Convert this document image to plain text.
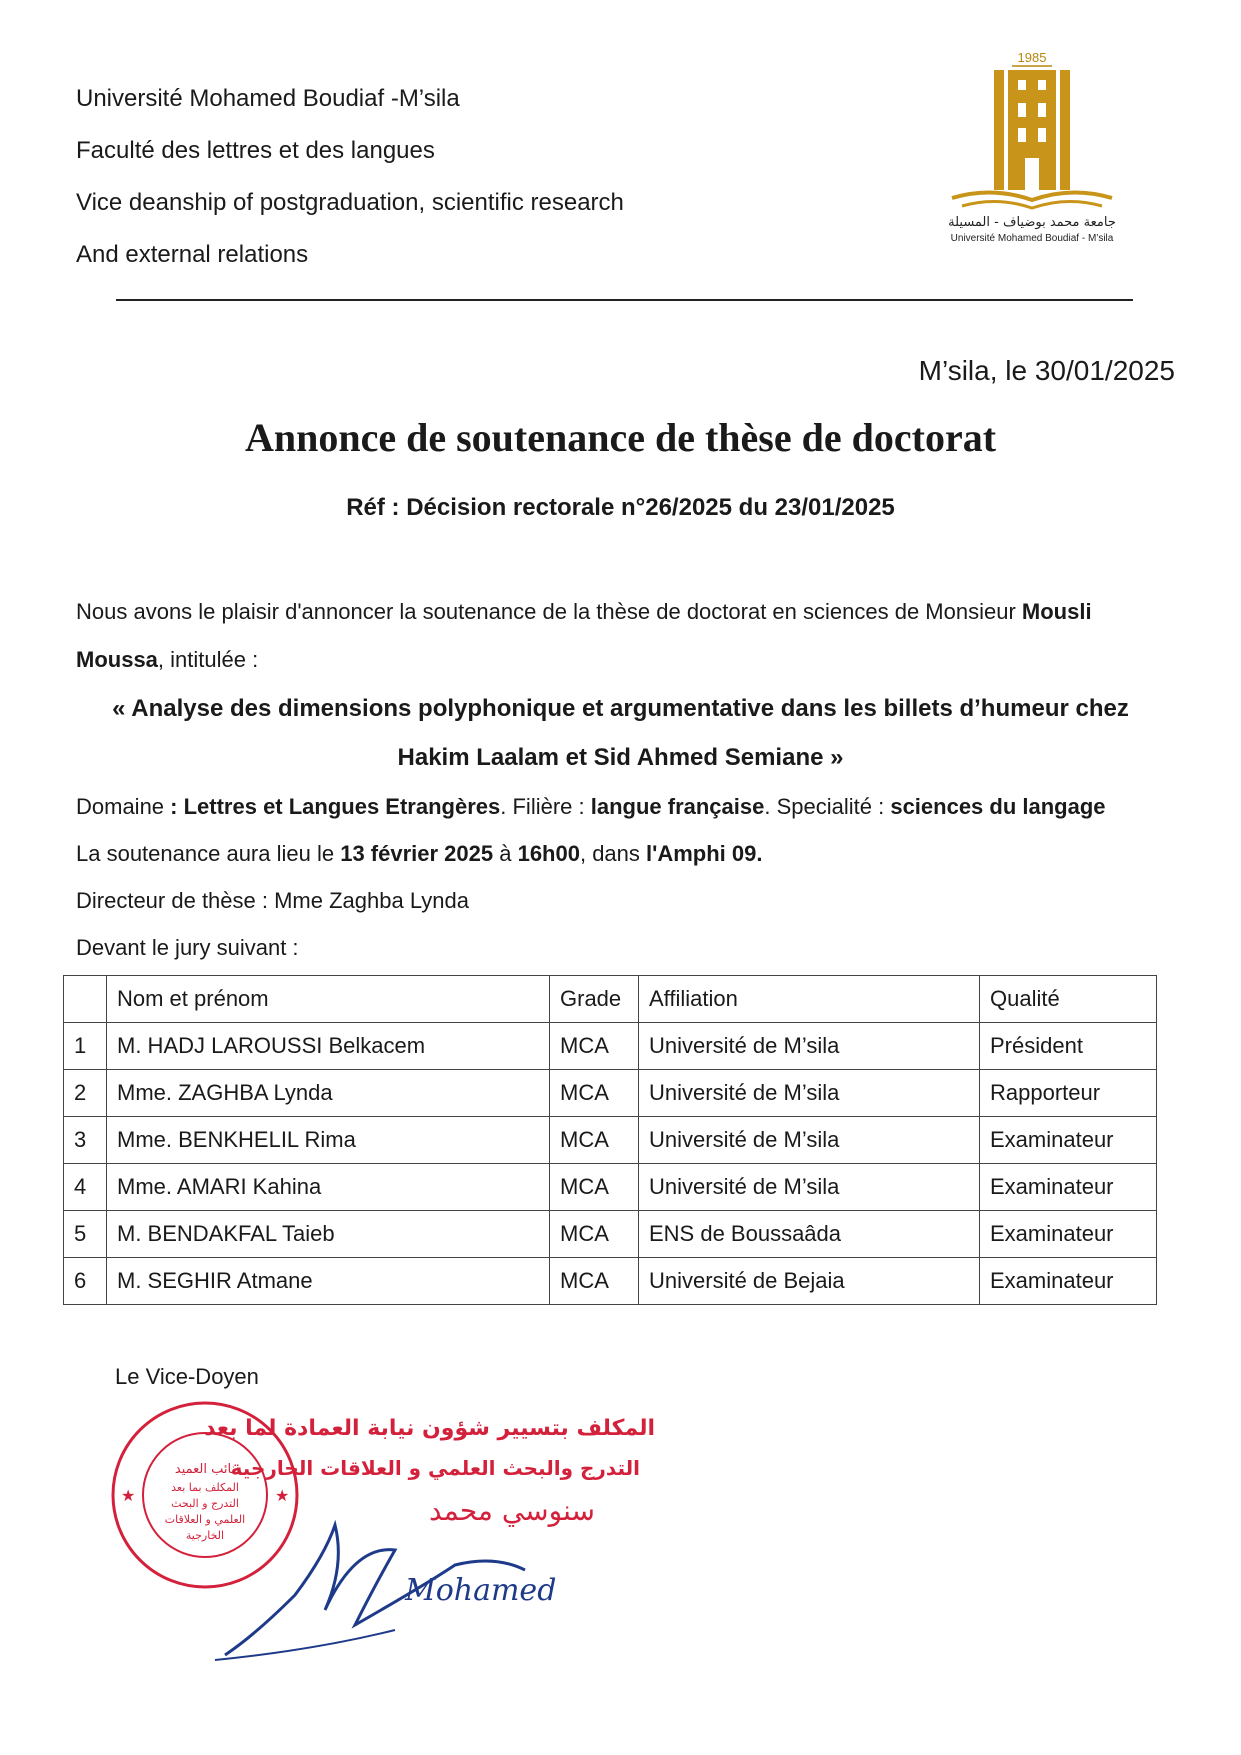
Université Mohamed Boudiaf -M’sila
Faculté des lettres et des langues
Vice deanship of postgraduation, scientific research
And external relations
1985
جامعة محمد بوضياف - المسيلة
Université Mohamed Boudiaf - M’sila
M’sila, le 30/01/2025
Annonce de soutenance de thèse de doctorat
Réf : Décision rectorale n°26/2025 du 23/01/2025
Nous avons le plaisir d'annoncer la soutenance de la thèse de doctorat en sciences de Monsieur Mousli
Moussa, intitulée :
« Analyse des dimensions polyphonique et argumentative dans les billets d’humeur chez
Hakim Laalam et Sid Ahmed Semiane »
Domaine : Lettres et Langues Etrangères. Filière : langue française. Specialité : sciences du langage
La soutenance aura lieu le 13 février 2025 à 16h00, dans l'Amphi 09.
Directeur de thèse : Mme Zaghba Lynda
Devant le jury suivant :
	Nom et prénom	Grade	Affiliation	Qualité
1	M. HADJ LAROUSSI Belkacem	MCA	Université de M’sila	Président
2	Mme. ZAGHBA Lynda	MCA	Université de M’sila	Rapporteur
3	Mme. BENKHELIL Rima	MCA	Université de M’sila	Examinateur
4	Mme. AMARI Kahina	MCA	Université de M’sila	Examinateur
5	M. BENDAKFAL Taieb	MCA	ENS de Boussaâda	Examinateur
6	M. SEGHIR Atmane	MCA	Université de Bejaia	Examinateur
Le Vice-Doyen
نائب العميد
المكلف بما بعد
التدرج و البحث
العلمي و العلاقات
الخارجية
★	★
المكلف بتسيير شؤون نيابة العمادة لما بعد
التدرج والبحث العلمي و العلاقات الخارجية
سنوسي محمد
Mohamed
